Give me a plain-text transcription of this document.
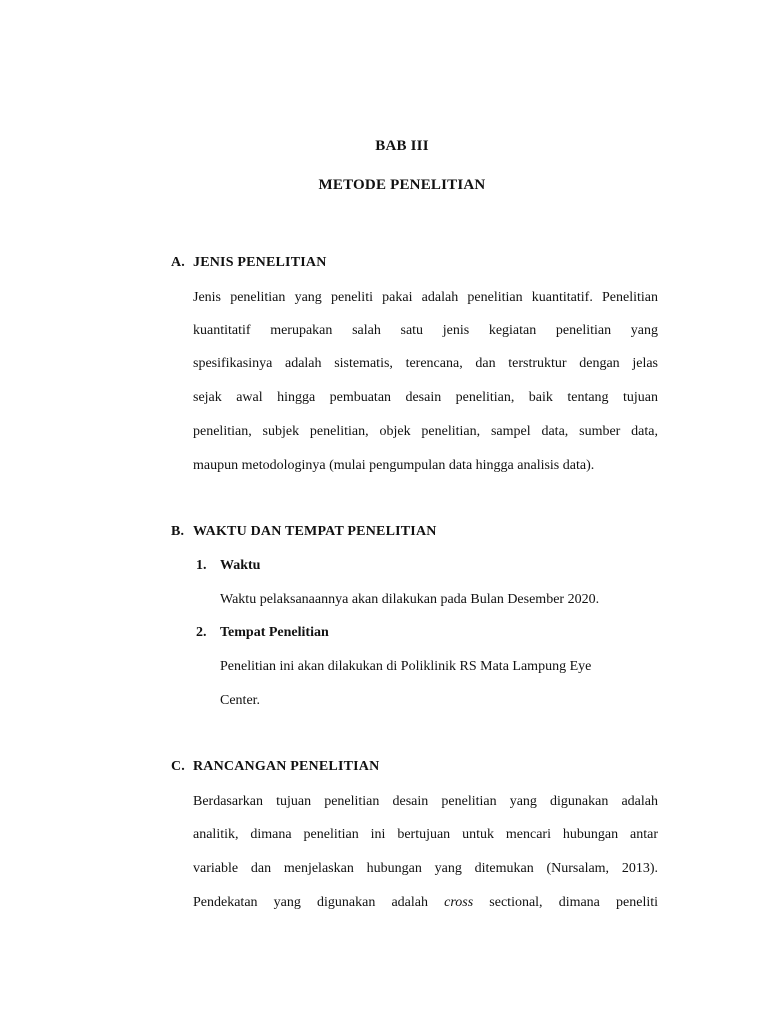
BAB III
METODE PENELITIAN
A. JENIS PENELITIAN
Jenis penelitian yang peneliti pakai adalah penelitian kuantitatif. Penelitian
kuantitatif merupakan salah satu jenis kegiatan penelitian yang
spesifikasinya adalah sistematis, terencana, dan terstruktur dengan jelas
sejak awal hingga pembuatan desain penelitian, baik tentang tujuan
penelitian, subjek penelitian, objek penelitian, sampel data, sumber data,
maupun metodologinya (mulai pengumpulan data hingga analisis data).
B. WAKTU DAN TEMPAT PENELITIAN
1. Waktu
Waktu pelaksanaannya akan dilakukan pada Bulan Desember 2020.
2. Tempat Penelitian
Penelitian ini akan dilakukan di Poliklinik RS Mata Lampung Eye
Center.
C. RANCANGAN PENELITIAN
Berdasarkan tujuan penelitian desain penelitian yang digunakan adalah
analitik, dimana penelitian ini bertujuan untuk mencari hubungan antar
variable dan menjelaskan hubungan yang ditemukan (Nursalam, 2013).
Pendekatan yang digunakan adalah cross sectional, dimana peneliti
